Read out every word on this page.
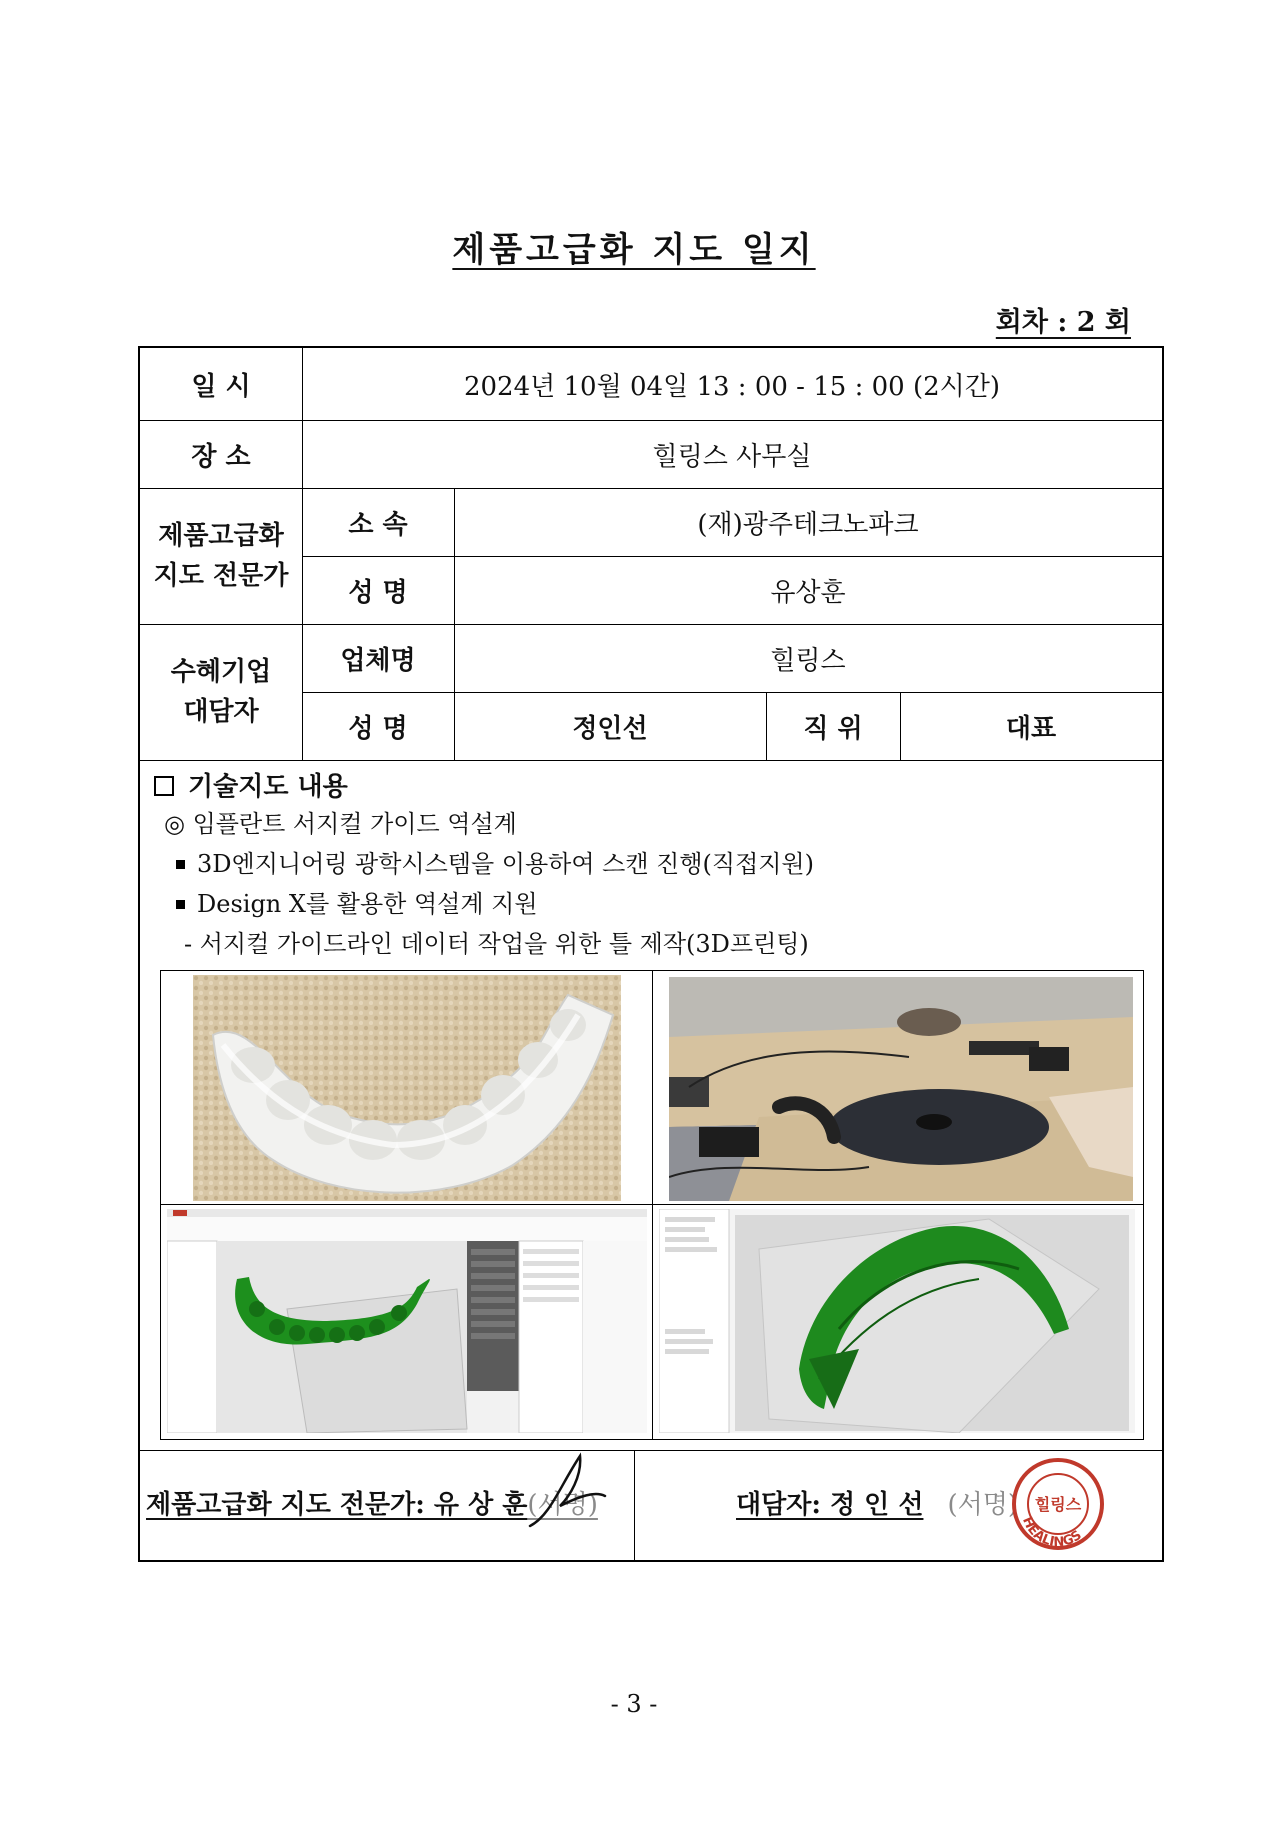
제품고급화 지도 일지
회차 : 2 회
일 시	2024년 10월 04일 13 : 00 - 15 : 00 (2시간)
장 소	힐링스 사무실
제품고급화
지도 전문가
소 속	(재)광주테크노파크
성 명	유상훈
수혜기업
대담자
업체명	힐링스
성 명	정인선	직 위	대표
기술지도 내용
◎ 임플란트 서지컬 가이드 역설계
3D엔지니어링 광학시스템을 이용하여 스캔 진행(직접지원)
Design X를 활용한 역설계 지원
- 서지컬 가이드라인 데이터 작업을 위한 틀 제작(3D프린팅)
제품고급화 지도 전문가: 유 상 훈(서명)	대담자: 정 인 선 (서명) 힐링스
HEALINGS
- 3 -
